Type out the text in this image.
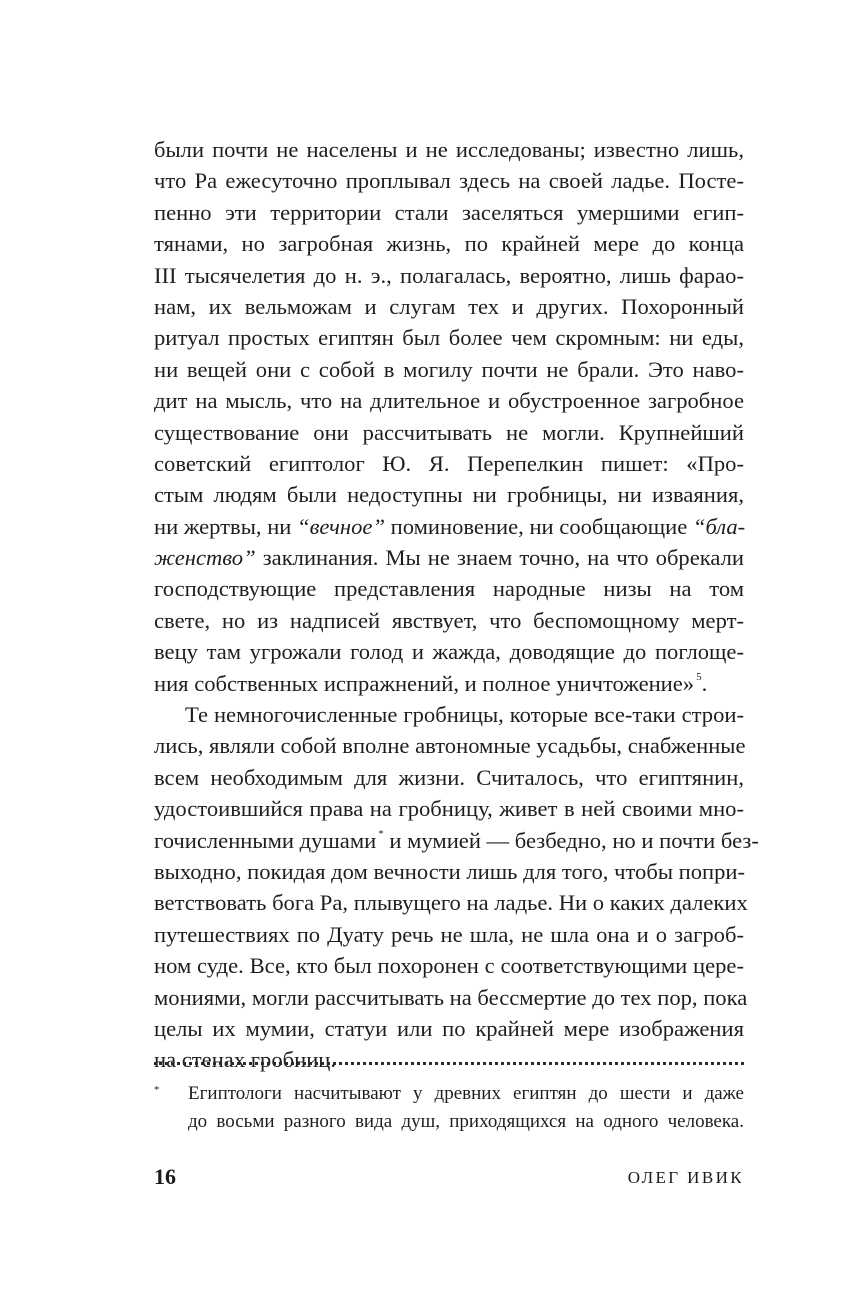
были почти не населены и не исследованы; известно лишь,
что Ра ежесуточно проплывал здесь на своей ладье. Посте-
пенно эти территории стали заселяться умершими егип-
тянами, но загробная жизнь, по крайней мере до конца
III тысячелетия до н. э., полагалась, вероятно, лишь фарао-
нам, их вельможам и слугам тех и других. Похоронный
ритуал простых египтян был более чем скромным: ни еды,
ни вещей они с собой в могилу почти не брали. Это наво-
дит на мысль, что на длительное и обустроенное загробное
существование они рассчитывать не могли. Крупнейший
советский египтолог Ю. Я. Перепелкин пишет: «Про-
стым людям были недоступны ни гробницы, ни изваяния,
ни жертвы, ни “вечное” поминовение, ни сообщающие “бла-
женство” заклинания. Мы не знаем точно, на что обрекали
господствующие представления народные низы на том
свете, но из надписей явствует, что беспомощному мерт-
вецу там угрожали голод и жажда, доводящие до поглоще-
ния собственных испражнений, и полное уничтожение» $^5$.
Те немногочисленные гробницы, которые все-таки строи-
лись, являли собой вполне автономные усадьбы, снабженные
всем необходимым для жизни. Считалось, что египтянин,
удостоившийся права на гробницу, живет в ней своими мно-
гочисленными душами * и мумией — безбедно, но и почти без-
выходно, покидая дом вечности лишь для того, чтобы попри-
ветствовать бога Ра, плывущего на ладье. Ни о каких далеких
путешествиях по Дуату речь не шла, не шла она и о загроб-
ном суде. Все, кто был похоронен с соответствующими цере-
мониями, могли рассчитывать на бессмертие до тех пор, пока
целы их мумии, статуи или по крайней мере изображения
на стенах гробниц.
* Египтологи насчитывают у древних египтян до шести и даже
до восьми разного вида душ, приходящихся на одного человека.
16	ОЛЕГ ИВИК
